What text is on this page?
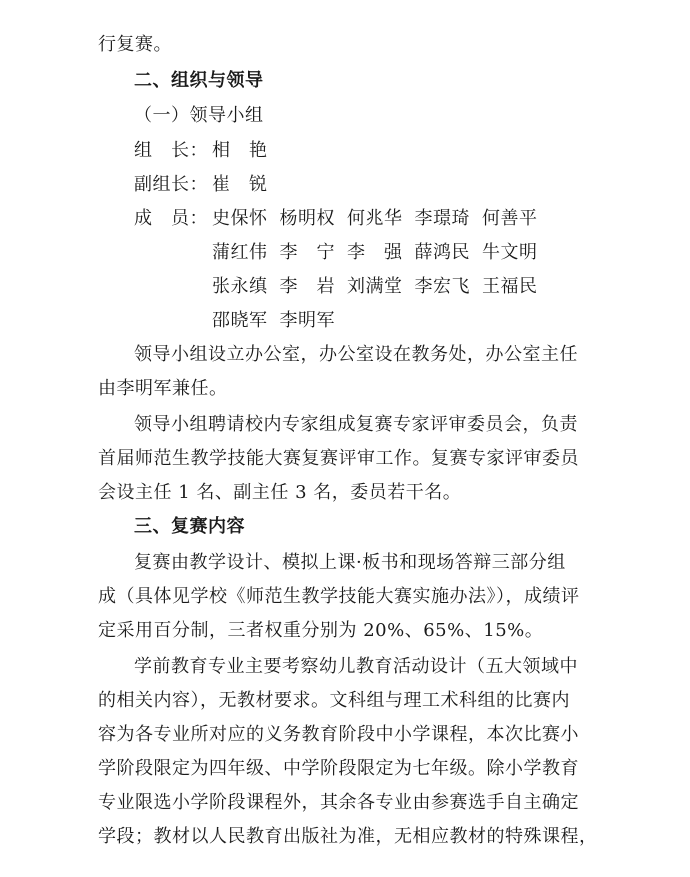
行复赛。
二、组织与领导
（一）领导小组
组　长： 相　艳
副组长： 崔　锐
成　员： 史保怀 杨明权 何兆华 李璟琦 何善平
蒲红伟 李　宁 李　强 薛鸿民 牛文明
张永缜 李　岩 刘满堂 李宏飞 王福民
邵晓军 李明军
领导小组设立办公室，办公室设在教务处，办公室主任
由李明军兼任。
领导小组聘请校内专家组成复赛专家评审委员会，负责
首届师范生教学技能大赛复赛评审工作。复赛专家评审委员
会设主任 1 名、副主任 3 名，委员若干名。
三、复赛内容
复赛由教学设计、模拟上课·板书和现场答辩三部分组
成（具体见学校《师范生教学技能大赛实施办法》），成绩评
定采用百分制，三者权重分别为 20%、65%、15%。
学前教育专业主要考察幼儿教育活动设计（五大领域中
的相关内容），无教材要求。文科组与理工术科组的比赛内
容为各专业所对应的义务教育阶段中小学课程，本次比赛小
学阶段限定为四年级、中学阶段限定为七年级。除小学教育
专业限选小学阶段课程外，其余各专业由参赛选手自主确定
学段；教材以人民教育出版社为准，无相应教材的特殊课程，
